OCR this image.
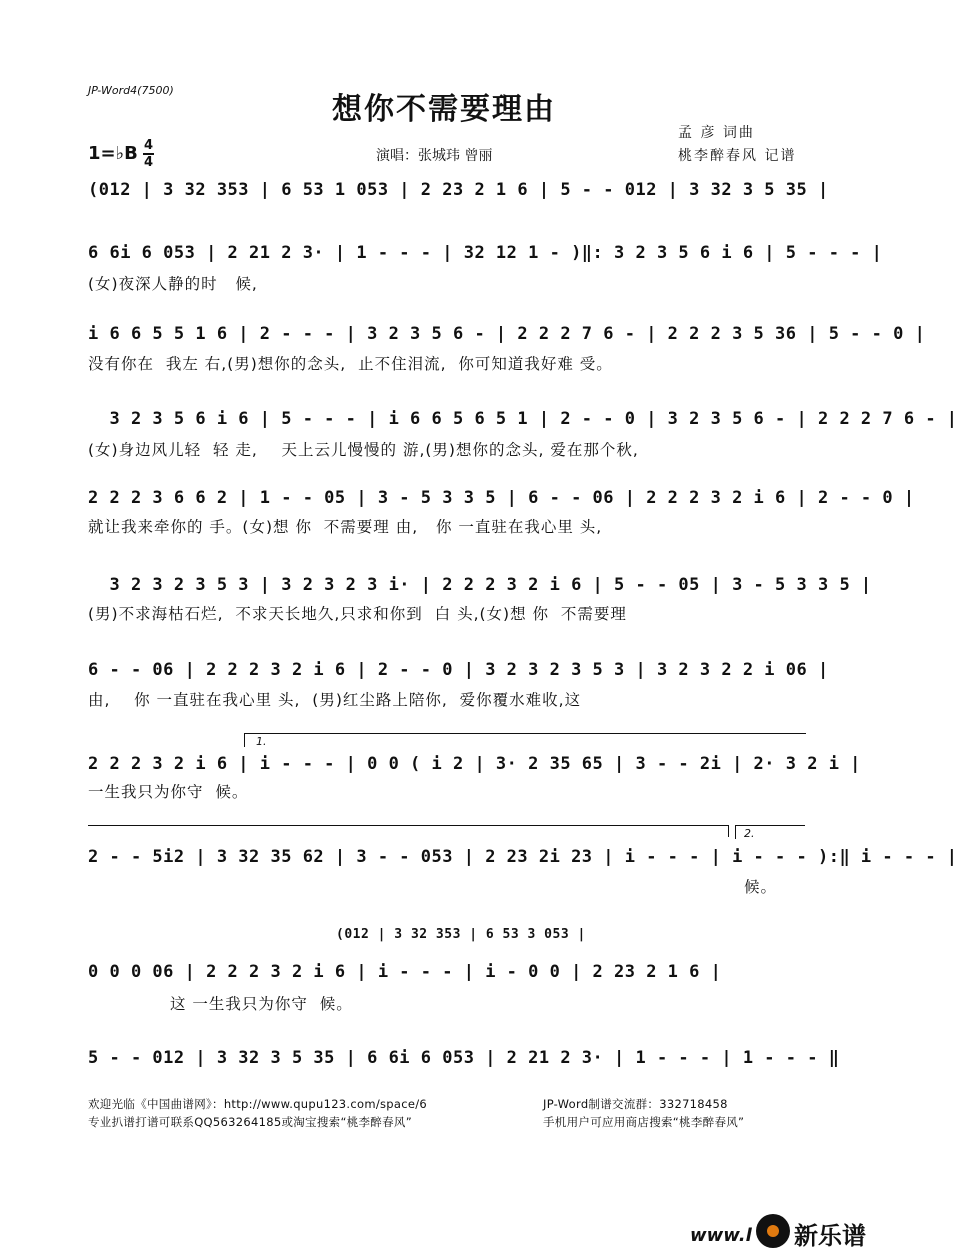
JP-Word4(7500)
想你不需要理由
1=♭B 4
4	演唱：张城玮 曾丽
孟 彦 词曲
桃李醉春风 记谱
(012 | 3 32 353 | 6 53 1 053 | 2 23 2 1 6 | 5 - - 012 | 3 32 3 5 35 |
6 6i 6 053 | 2 21 2 3· | 1 - - - | 32 12 1 - )‖: 3 2 3 5 6 i 6 | 5 - - - |
(女)夜深人静的时   候,
i 6 6 5 5 1 6 | 2 - - - | 3 2 3 5 6 - | 2 2 2 7 6 - | 2 2 2 3 5 36 | 5 - - 0 |
没有你在  我左 右,(男)想你的念头,  止不住泪流,  你可知道我好难 受。
3 2 3 5 6 i 6 | 5 - - - | i 6 6 5 6 5 1 | 2 - - 0 | 3 2 3 5 6 - | 2 2 2 7 6 - |
(女)身边风儿轻  轻 走,    天上云儿慢慢的 游,(男)想你的念头, 爱在那个秋,
2 2 2 3 6 6 2 | 1 - - 05 | 3 - 5 3 3 5 | 6 - - 06 | 2 2 2 3 2 i 6 | 2 - - 0 |
就让我来牵你的 手。(女)想 你  不需要理 由,   你 一直驻在我心里 头,
3 2 3 2 3 5 3 | 3 2 3 2 3 i· | 2 2 2 3 2 i 6 | 5 - - 05 | 3 - 5 3 3 5 |
(男)不求海枯石烂,  不求天长地久,只求和你到  白 头,(女)想 你  不需要理
6 - - 06 | 2 2 2 3 2 i 6 | 2 - - 0 | 3 2 3 2 3 5 3 | 3 2 3 2 2 i 06 |
由,    你 一直驻在我心里 头,  (男)红尘路上陪你,  爱你覆水难收,这
1.
2 2 2 3 2 i 6 | i - - - | 0 0 ( i 2 | 3· 2 35 65 | 3 - - 2i | 2· 3 2 i |
一生我只为你守  候。
2.
2 - - 5i2 | 3 32 35 62 | 3 - - 053 | 2 23 2i 23 | i - - - | i - - - ):‖ i - - - |
候。
(012 | 3 32 353 | 6 53 3 053 |
0 0 0 06 | 2 2 2 3 2 i 6 | i - - - | i - 0 0 | 2 23 2 1 6 |
这 一生我只为你守  候。
5 - - 012 | 3 32 3 5 35 | 6 6i 6 053 | 2 21 2 3· | 1 - - - | 1 - - - ‖
欢迎光临《中国曲谱网》：http://www.qupu123.com/space/6
专业扒谱打谱可联系QQ563264185或淘宝搜索“桃李醉春风”
JP-Word制谱交流群：332718458
手机用户可应用商店搜索“桃李醉春风”
www.l 新乐谱
